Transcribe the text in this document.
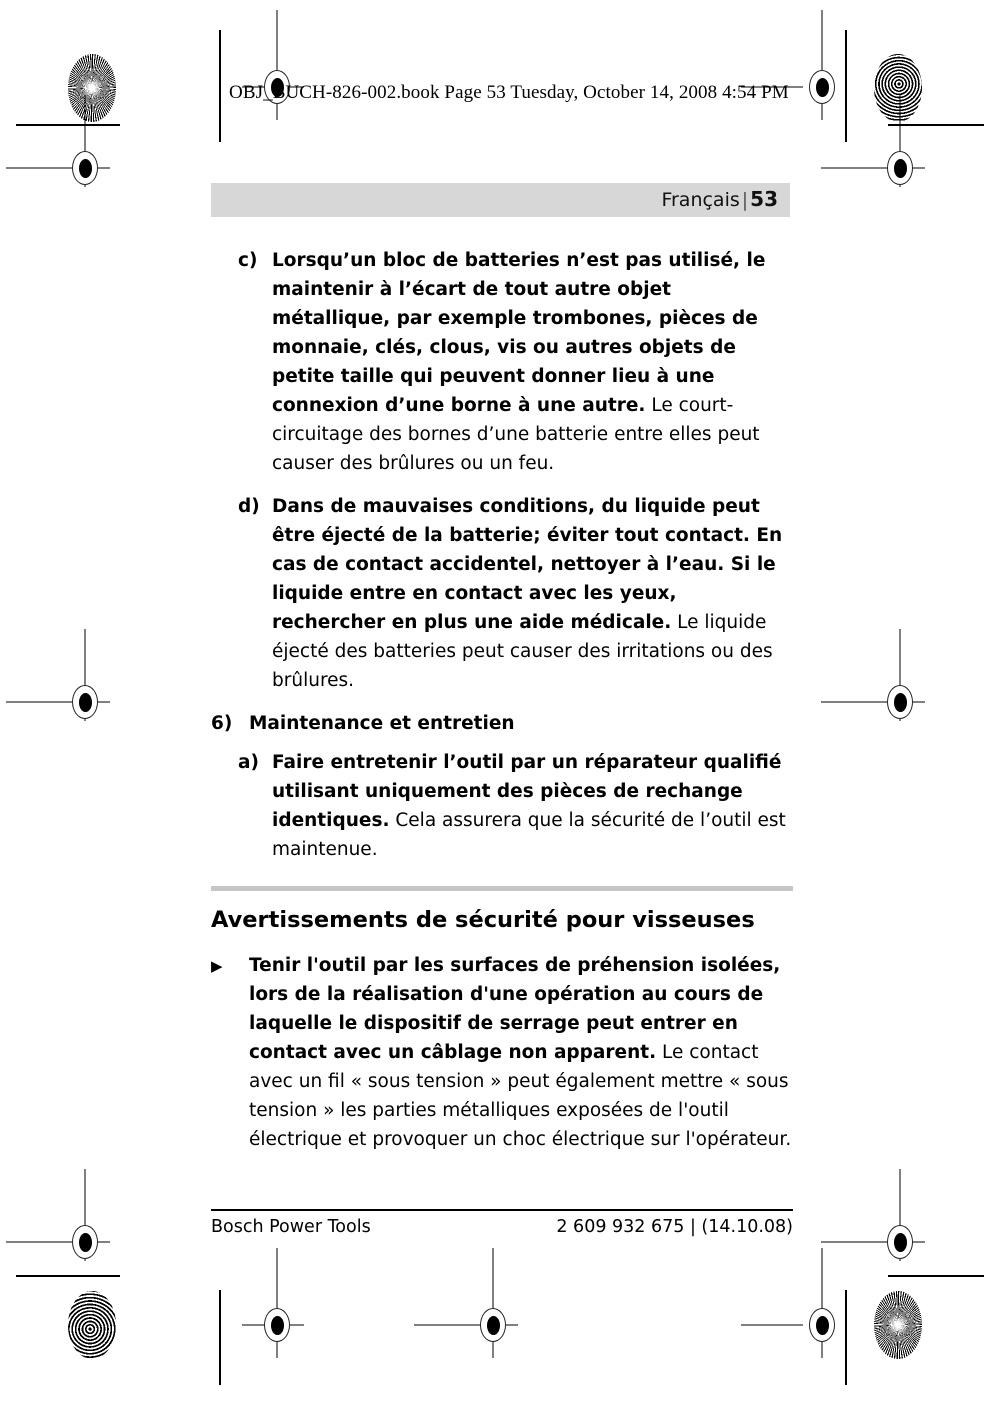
OBJ_BUCH-826-002.book Page 53 Tuesday, October 14, 2008 4:54 PM
Français | 53
c) Lorsqu’un bloc de batteries n’est pas utilisé, le maintenir à l’écart de tout autre objet métallique, par exemple trombones, pièces de monnaie, clés, clous, vis ou autres objets de petite taille qui peuvent donner lieu à une connexion d’une borne à une autre. Le court-circuitage des bornes d’une batterie entre elles peut causer des brûlures ou un feu.
d) Dans de mauvaises conditions, du liquide peut être éjecté de la batterie; éviter tout contact. En cas de contact accidentel, nettoyer à l’eau. Si le liquide entre en contact avec les yeux, rechercher en plus une aide médicale. Le liquide éjecté des batteries peut causer des irritations ou des brûlures.
6) Maintenance et entretien
a) Faire entretenir l’outil par un réparateur qualifié utilisant uniquement des pièces de rechange identiques. Cela assurera que la sécurité de l’outil est maintenue.
Avertissements de sécurité pour visseuses
▶	Tenir l'outil par les surfaces de préhension isolées, lors de la réalisation d'une opération au cours de laquelle le dispositif de serrage peut entrer en contact avec un câblage non apparent. Le contact avec un fil « sous tension » peut également mettre « sous tension » les parties métalliques exposées de l'outil électrique et provoquer un choc électrique sur l'opérateur.
Bosch Power Tools	2 609 932 675 | (14.10.08)
